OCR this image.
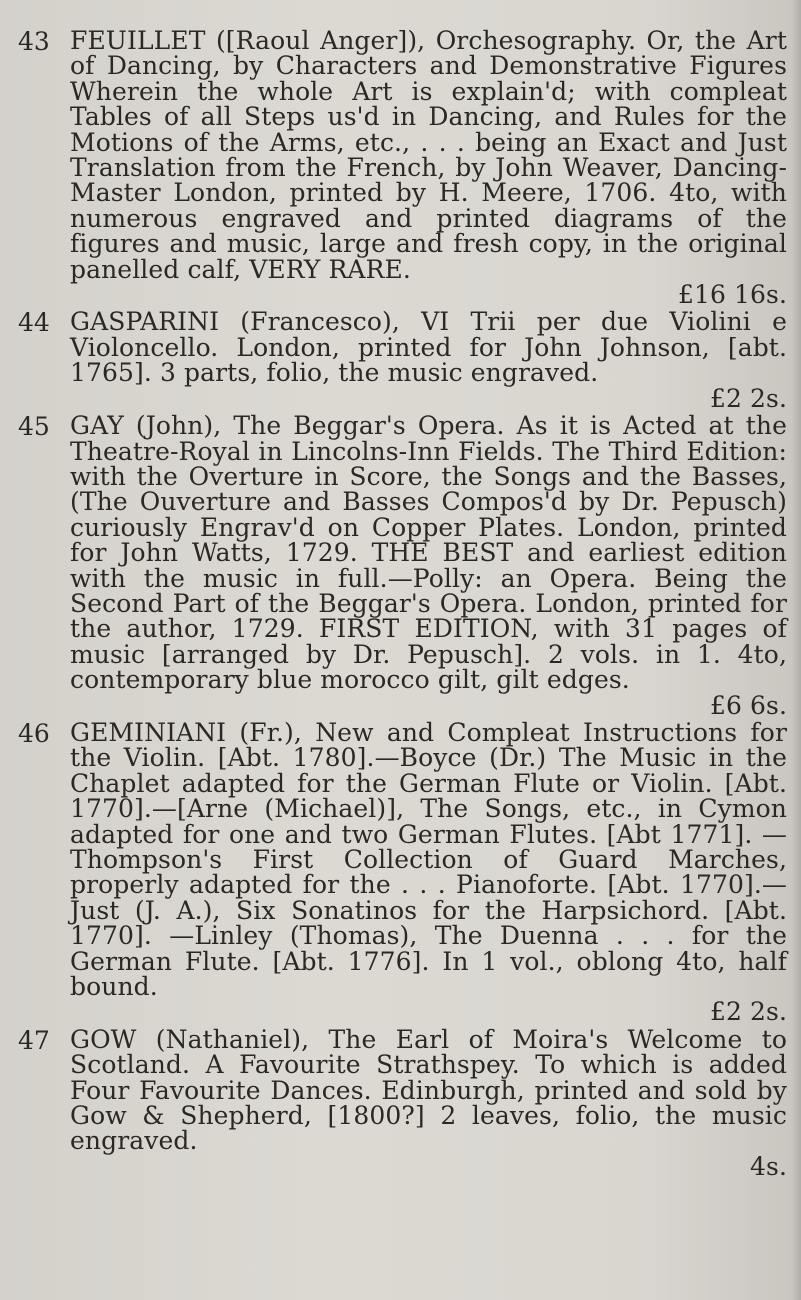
43 FEUILLET ([Raoul Anger]), Orchesography. Or, the Art of Dancing, by Characters and Demonstrative Figures Wherein the whole Art is explain'd; with compleat Tables of all Steps us'd in Dancing, and Rules for the Motions of the Arms, etc., . . . being an Exact and Just Translation from the French, by John Weaver, Dancing-Master London, printed by H. Meere, 1706. 4to, with numerous engraved and printed diagrams of the figures and music, large and fresh copy, in the original panelled calf, VERY RARE.
£16 16s.
44 GASPARINI (Francesco), VI Trii per due Violini e Violoncello. London, printed for John Johnson, [abt. 1765]. 3 parts, folio, the music engraved.
£2 2s.
45 GAY (John), The Beggar's Opera. As it is Acted at the Theatre-Royal in Lincolns-Inn Fields. The Third Edition: with the Overture in Score, the Songs and the Basses, (The Ouverture and Basses Compos'd by Dr. Pepusch) curiously Engrav'd on Copper Plates. London, printed for John Watts, 1729. THE BEST and earliest edition with the music in full.—Polly: an Opera. Being the Second Part of the Beggar's Opera. London, printed for the author, 1729. FIRST EDITION, with 31 pages of music [arranged by Dr. Pepusch]. 2 vols. in 1. 4to, contemporary blue morocco gilt, gilt edges.
£6 6s.
46 GEMINIANI (Fr.), New and Compleat Instructions for the Violin. [Abt. 1780].—Boyce (Dr.) The Music in the Chaplet adapted for the German Flute or Violin. [Abt. 1770].—[Arne (Michael)], The Songs, etc., in Cymon adapted for one and two German Flutes. [Abt 1771]. —Thompson's First Collection of Guard Marches, properly adapted for the . . . Pianoforte. [Abt. 1770].—Just (J. A.), Six Sonatinos for the Harpsichord. [Abt. 1770]. —Linley (Thomas), The Duenna . . . for the German Flute. [Abt. 1776]. In 1 vol., oblong 4to, half bound.
£2 2s.
47 GOW (Nathaniel), The Earl of Moira's Welcome to Scotland. A Favourite Strathspey. To which is added Four Favourite Dances. Edinburgh, printed and sold by Gow & Shepherd, [1800?] 2 leaves, folio, the music engraved.
4s.
